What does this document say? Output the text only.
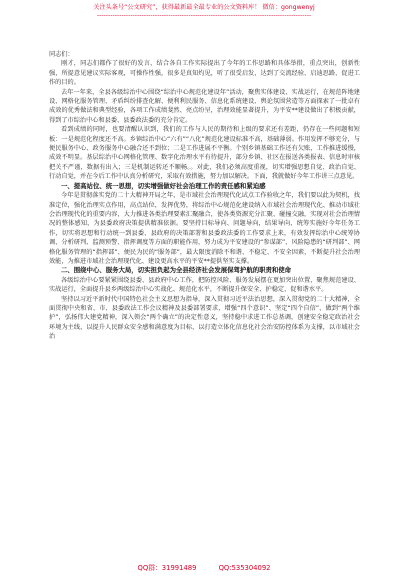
关注头条号“公文研究”，获得最新最全最专业的公文资料库！ 微信：gongwenyj
------------------------------------------------------------------------------------------------

同志们：

刚才，同志们都作了很好的发言，结合各自工作实际提出了今年的工作思路和具体举措，重点突出，创新性强，所提意见建议实际客观，可操作性强，很多是真知灼见，听了很受启发，达到了交流经验、启迪思路、促进工作的目的。

去年一年来，全县各级综治中心围绕“综治中心规范化建设年”活动，聚焦实体建设、实战运行，在规范阵地建设、网格化服务管理、矛盾纠纷排查化解、便利利民服务、信息化系统建设、舆论氛围营造等方面探索了一批卓有成效的优秀做法和典型经验，各项工作成绩斐然、亮点纷呈，治理效能显著提升，为平安**建设做出了积极贡献，得到了市综治中心和县委、县委政法委的充分肯定。

看到成绩的同时，也要清醒认识到，我们的工作与人民的期待和上级的要求还有差距，仍存在一些问题和短板：一是规范化程度还不高。乡镇综治中心“六有”“八化”规范化建设标准不高，基础薄弱。作用发挥不够充分，与便民服务中心、政务服务中心融合还不到位；二是工作进展不平衡。个别乡镇基础工作还有欠账，工作推进缓慢，成效不明显。基层综治中心网格化管理、数字化治理水平有待提升，部分乡镇、社区在报送各类报表、信息时审核把关不严谨，数据有出入；三是机制运转还不顺畅。。对此，我们必须高度重视，切实增强思想自觉、政治自觉、行动自觉，并在今后工作中认真分析研究，采取有效措施，努力加以解决。下面，我就做好今年工作讲三点意见。

一、提高站位、统一思想，切实增强做好社会治理工作的责任感和紧迫感

今年是贯彻落实党的二十大精神开局之年，是市域社会治理现代化试点工作验收之年，我们要以此为契机，找准定位，强化治理实点作用，高点站位，发挥优势，将综治中心规范化建设纳入市域社会治理现代化、推动市域社会治理现代化的重要内容，大力推进各类治理要素汇聚融合，使各类资源充分汇聚、碰撞交融，实现对社会治理情况的整体感知，为县委政府决策提供精准依据。要坚持目标导向、问题导向，结果导向，统筹实施好今年任务工作，切实将思想和行动统一到县委、县政府的决策部署和县委政法委的工作要求上来，有效发挥综治中心统筹协调、分析研判、监测预警、指挥调度等方面的职能作用，努力成为平安建设的“参谋部”、风险隐患的“研判部”、网格化服务管理的“指挥部”、便民为民的“服务部”，最大限度消除不和谐、不稳定、不安全因素，不断提升社会治理效能，为推进市域社会治理现代化、建设更高水平的平安**提供坚实支撑。

二、围绕中心、服务大局，切实担负起为全县经济社会发展保驾护航的职责和使命

各级综治中心要紧紧围绕县委、县政府中心工作，把防控风险、服务发展摆在更加突出位置，聚焦规范建设、实战运行，全面提升县乡两级综治中心实战化、规范化水平，不断提升保安全、护稳定、促和谐水平。

坚持以习近平新时代中国特色社会主义思想为指导，深入贯彻习近平法治思想，深入贯彻党的二十大精神，全面贯彻中央和省、市、县委政法工作会议精神及县委部署要求，增强“四个意识”、坚定“四个自信”、做到“两个维护”，弘扬伟大建党精神，深入领会“两个确立”的决定性意义，坚持稳中求进工作总基调，创建安全稳定政治社会环境为主线，以提升人民群众安全感和满意度为目标，以打造立体化信息化社会治安防控体系为支撑，以市域社会治

QQ群：31991489	QQ:535304092
